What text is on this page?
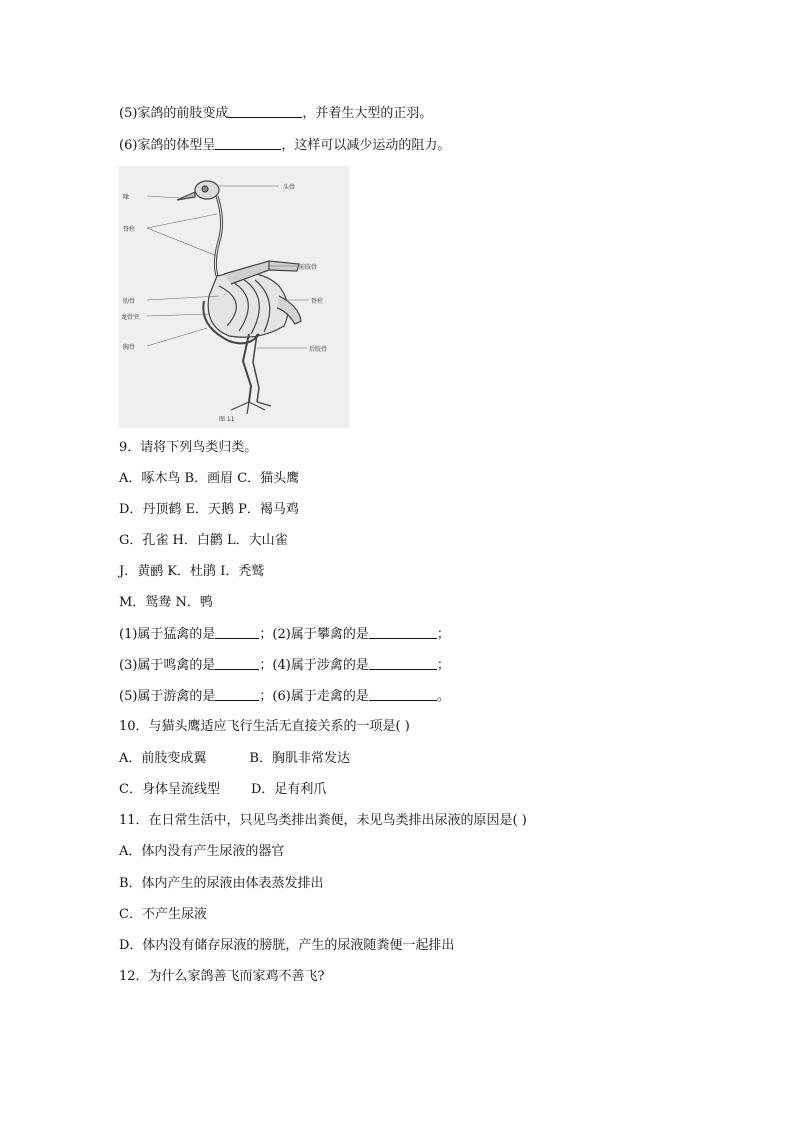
(5)家鸽的前肢变成	，并着生大型的正羽。
(6)家鸽的体型呈	，这样可以减少运动的阻力。
喙
头骨
脊柱
前肢骨
脊柱
肋骨
龙骨突
胸骨	后肢骨
图 11
9．请将下列鸟类归类。
A．啄木鸟 B．画眉 C．猫头鹰
D．丹顶鹤 E．天鹅 P．褐马鸡
G．孔雀 H．白鹳 L．大山雀
J．黄鹂 K．杜鹃 I．秃鹫
M．鸳鸯 N．鸭
(1)属于猛禽的是	；(2)属于攀禽的是	；
(3)属于鸣禽的是	；(4)属于涉禽的是	；
(5)属于游禽的是	；(6)属于走禽的是	。
10．与猫头鹰适应飞行生活无直接关系的一项是( )
A．前肢变成翼	B．胸肌非常发达
C．身体呈流线型 D．足有利爪
11．在日常生活中，只见鸟类排出粪便，未见鸟类排出尿液的原因是( )
A．体内没有产生尿液的器官
B．体内产生的尿液由体表蒸发排出
C．不产生尿液
D．体内没有储存尿液的膀胱，产生的尿液随粪便一起排出
12．为什么家鸽善飞而家鸡不善飞?
